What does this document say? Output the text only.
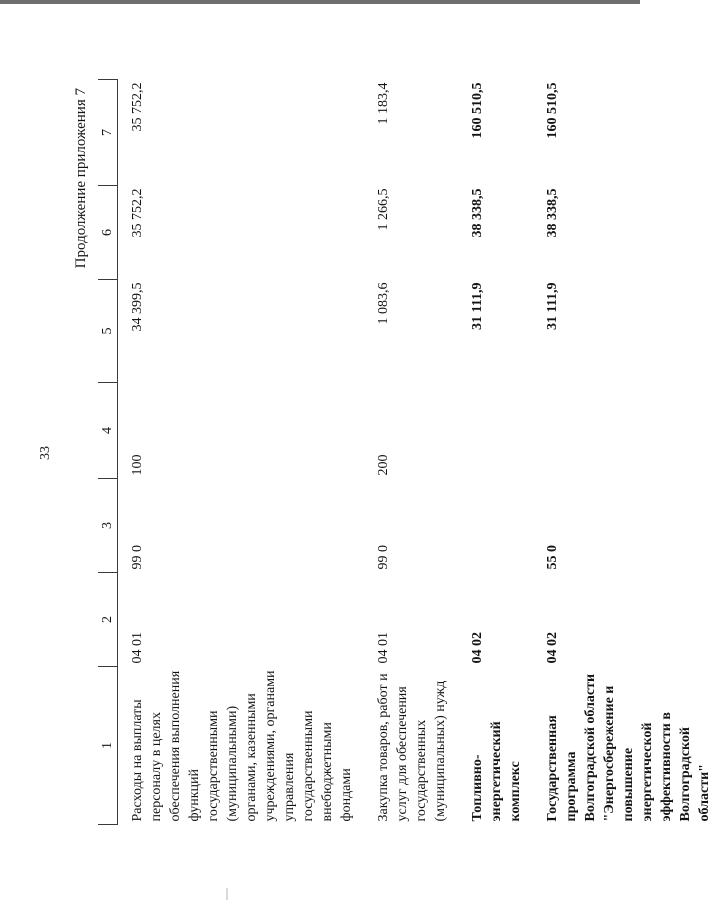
33
Продолжение приложения 7
1	2	3	4	5	6	7

Расходы на выплаты персоналу в целях обеспечения выполнения функций государственными (муниципальными) органами, казенными учреждениями, органами управления государственными внебюджетными фондами	04 01	99 0	100	34 399,5	35 752,2	35 752,2
Закупка товаров, работ и услуг для обеспечения государственных (муниципальных) нужд	04 01	99 0	200	1 083,6	1 266,5	1 183,4
Топливно-энергетический комплекс	04 02			31 111,9	38 338,5	160 510,5
Государственная программа Волгоградской области "Энергосбережение и повышение энергетической эффективности в Волгоградской области"	04 02	55 0		31 111,9	38 338,5	160 510,5
